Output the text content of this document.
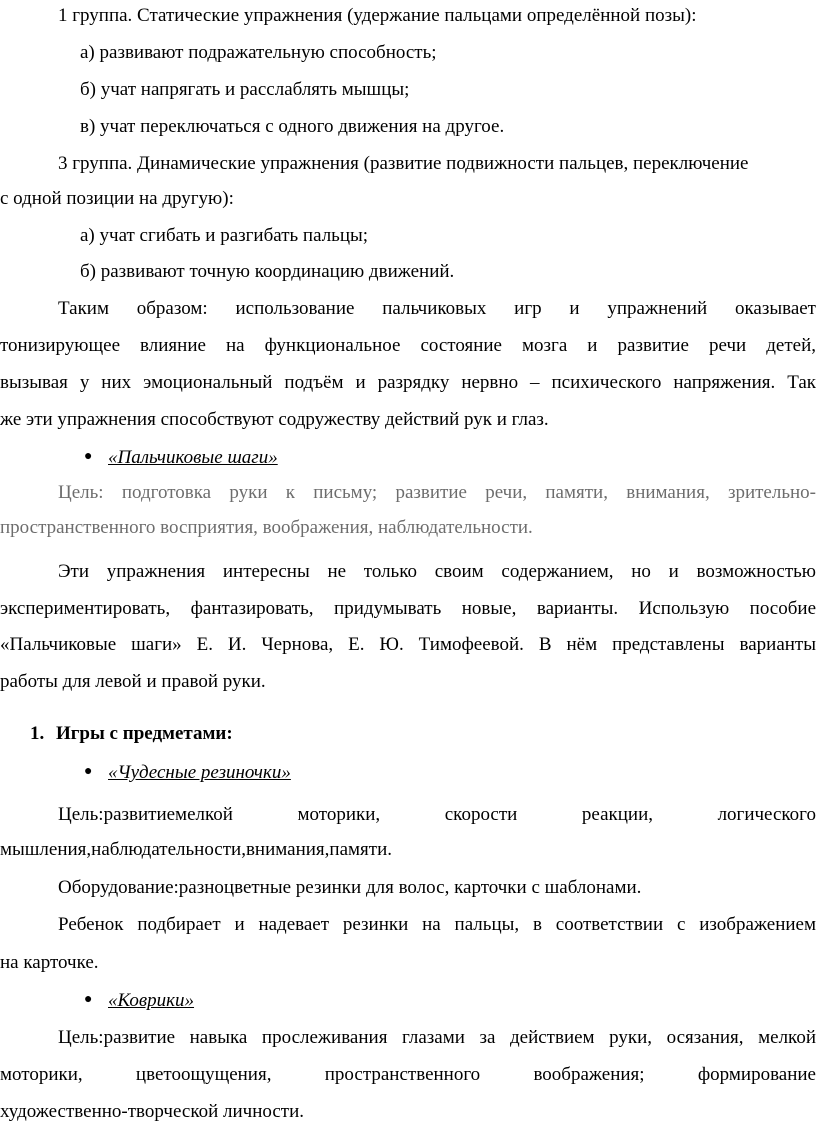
1 группа. Статические упражнения (удержание пальцами определённой позы):
а) развивают подражательную способность;
б) учат напрягать и расслаблять мышцы;
в) учат переключаться с одного движения на другое.
3 группа. Динамические упражнения (развитие подвижности пальцев, переключение
с одной позиции на другую):
а) учат сгибать и разгибать пальцы;
б) развивают точную координацию движений.
Таким образом: использование пальчиковых игр и упражнений оказывает
тонизирующее влияние на функциональное состояние мозга и развитие речи детей,
вызывая у них эмоциональный подъём и разрядку нервно – психического напряжения. Так
же эти упражнения способствуют содружеству действий рук и глаз.
● «Пальчиковые шаги»
Цель: подготовка руки к письму; развитие речи, памяти, внимания, зрительно-
пространственного восприятия, воображения, наблюдательности.
Эти упражнения интересны не только своим содержанием, но и возможностью
экспериментировать, фантазировать, придумывать новые, варианты. Использую пособие
«Пальчиковые шаги» Е. И. Чернова, Е. Ю. Тимофеевой. В нём представлены варианты
работы для левой и правой руки.
1. Игры с предметами:
● «Чудесные резиночки»
Цель:развитиемелкой моторики, скорости реакции, логического
мышления,наблюдательности,внимания,памяти.
Оборудование:разноцветные резинки для волос, карточки с шаблонами.
Ребенок подбирает и надевает резинки на пальцы, в соответствии с изображением
на карточке.
● «Коврики»
Цель:развитие навыка прослеживания глазами за действием руки, осязания, мелкой
моторики, цветоощущения, пространственного воображения; формирование
художественно-творческой личности.
